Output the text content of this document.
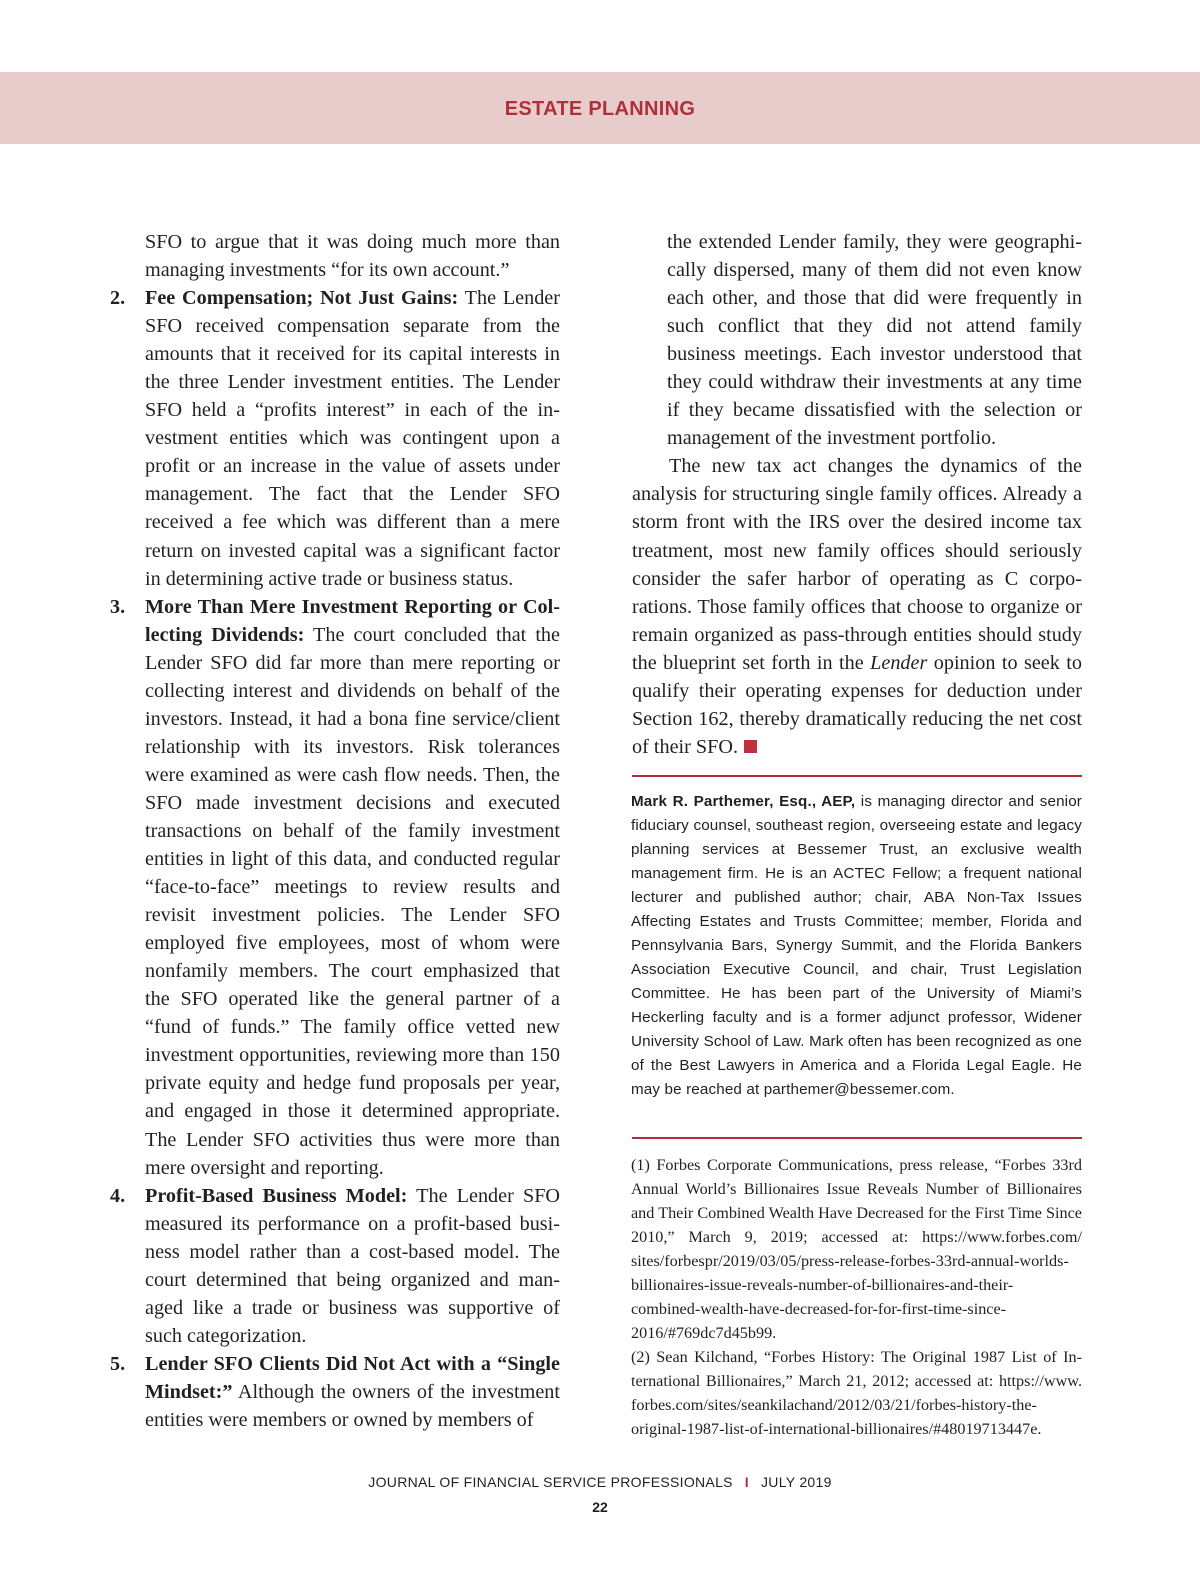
ESTATE PLANNING

SFO to argue that it was doing much more than managing investments “for its own account.”

2. Fee Compensation; Not Just Gains: The Lender SFO received compensation separate from the amounts that it received for its capital interests in the three Lender investment entities. The Lender SFO held a “profits interest” in each of the investment entities which was contingent upon a profit or an increase in the value of assets under management. The fact that the Lender SFO received a fee which was different than a mere return on invested capital was a significant factor in determining active trade or business status.

3. More Than Mere Investment Reporting or Collecting Dividends: The court concluded that the Lender SFO did far more than mere reporting or collecting interest and dividends on behalf of the investors. Instead, it had a bona fine service/client relationship with its investors. Risk tolerances were examined as were cash flow needs. Then, the SFO made investment decisions and executed transactions on behalf of the family investment entities in light of this data, and conducted regular “face-to-face” meetings to review results and revisit investment policies. The Lender SFO employed five employees, most of whom were nonfamily members. The court emphasized that the SFO operated like the general partner of a “fund of funds.” The family office vetted new investment opportunities, reviewing more than 150 private equity and hedge fund proposals per year, and engaged in those it determined appropriate. The Lender SFO activities thus were more than mere oversight and reporting.

4. Profit-Based Business Model: The Lender SFO measured its performance on a profit-based business model rather than a cost-based model. The court determined that being organized and managed like a trade or business was supportive of such categorization.

5. Lender SFO Clients Did Not Act with a “Single Mindset:” Although the owners of the investment entities were members or owned by members of

the extended Lender family, they were geographically dispersed, many of them did not even know each other, and those that did were frequently in such conflict that they did not attend family business meetings. Each investor understood that they could withdraw their investments at any time if they became dissatisfied with the selection or management of the investment portfolio.

The new tax act changes the dynamics of the analysis for structuring single family offices. Already a storm front with the IRS over the desired income tax treatment, most new family offices should seriously consider the safer harbor of operating as C corporations. Those family offices that choose to organize or remain organized as pass-through entities should study the blueprint set forth in the Lender opinion to seek to qualify their operating expenses for deduction under Section 162, thereby dramatically reducing the net cost of their SFO.

Mark R. Parthemer, Esq., AEP, is managing director and senior fiduciary counsel, southeast region, overseeing estate and legacy planning services at Bessemer Trust, an exclusive wealth management firm. He is an ACTEC Fellow; a frequent national lecturer and published author; chair, ABA Non-Tax Issues Affecting Estates and Trusts Committee; member, Florida and Pennsylvania Bars, Synergy Summit, and the Florida Bankers Association Executive Council, and chair, Trust Legislation Committee. He has been part of the University of Miami’s Heckerling faculty and is a former adjunct professor, Widener University School of Law. Mark often has been recognized as one of the Best Lawyers in America and a Florida Legal Eagle. He may be reached at parthemer@bessemer.com.

(1) Forbes Corporate Communications, press release, “Forbes 33rd Annual World’s Billionaires Issue Reveals Number of Billionaires and Their Combined Wealth Have Decreased for the First Time Since 2010,” March 9, 2019; accessed at: https://www.forbes.com/​sites/forbespr/2019/03/05/press-release-forbes-33rd-annual-worlds-​billionaires-issue-reveals-number-of-billionaires-and-their-combined-​wealth-have-decreased-for-for-first-time-since-2016/#769dc7d45b99.

(2) Sean Kilchand, “Forbes History: The Original 1987 List of International Billionaires,” March 21, 2012; accessed at: https://www.​forbes.com/sites/seankilachand/2012/03/21/forbes-history-the-​original-1987-list-of-international-billionaires/#48019713447e.

JOURNAL OF FINANCIAL SERVICE PROFESSIONALS I JULY 2019
22
